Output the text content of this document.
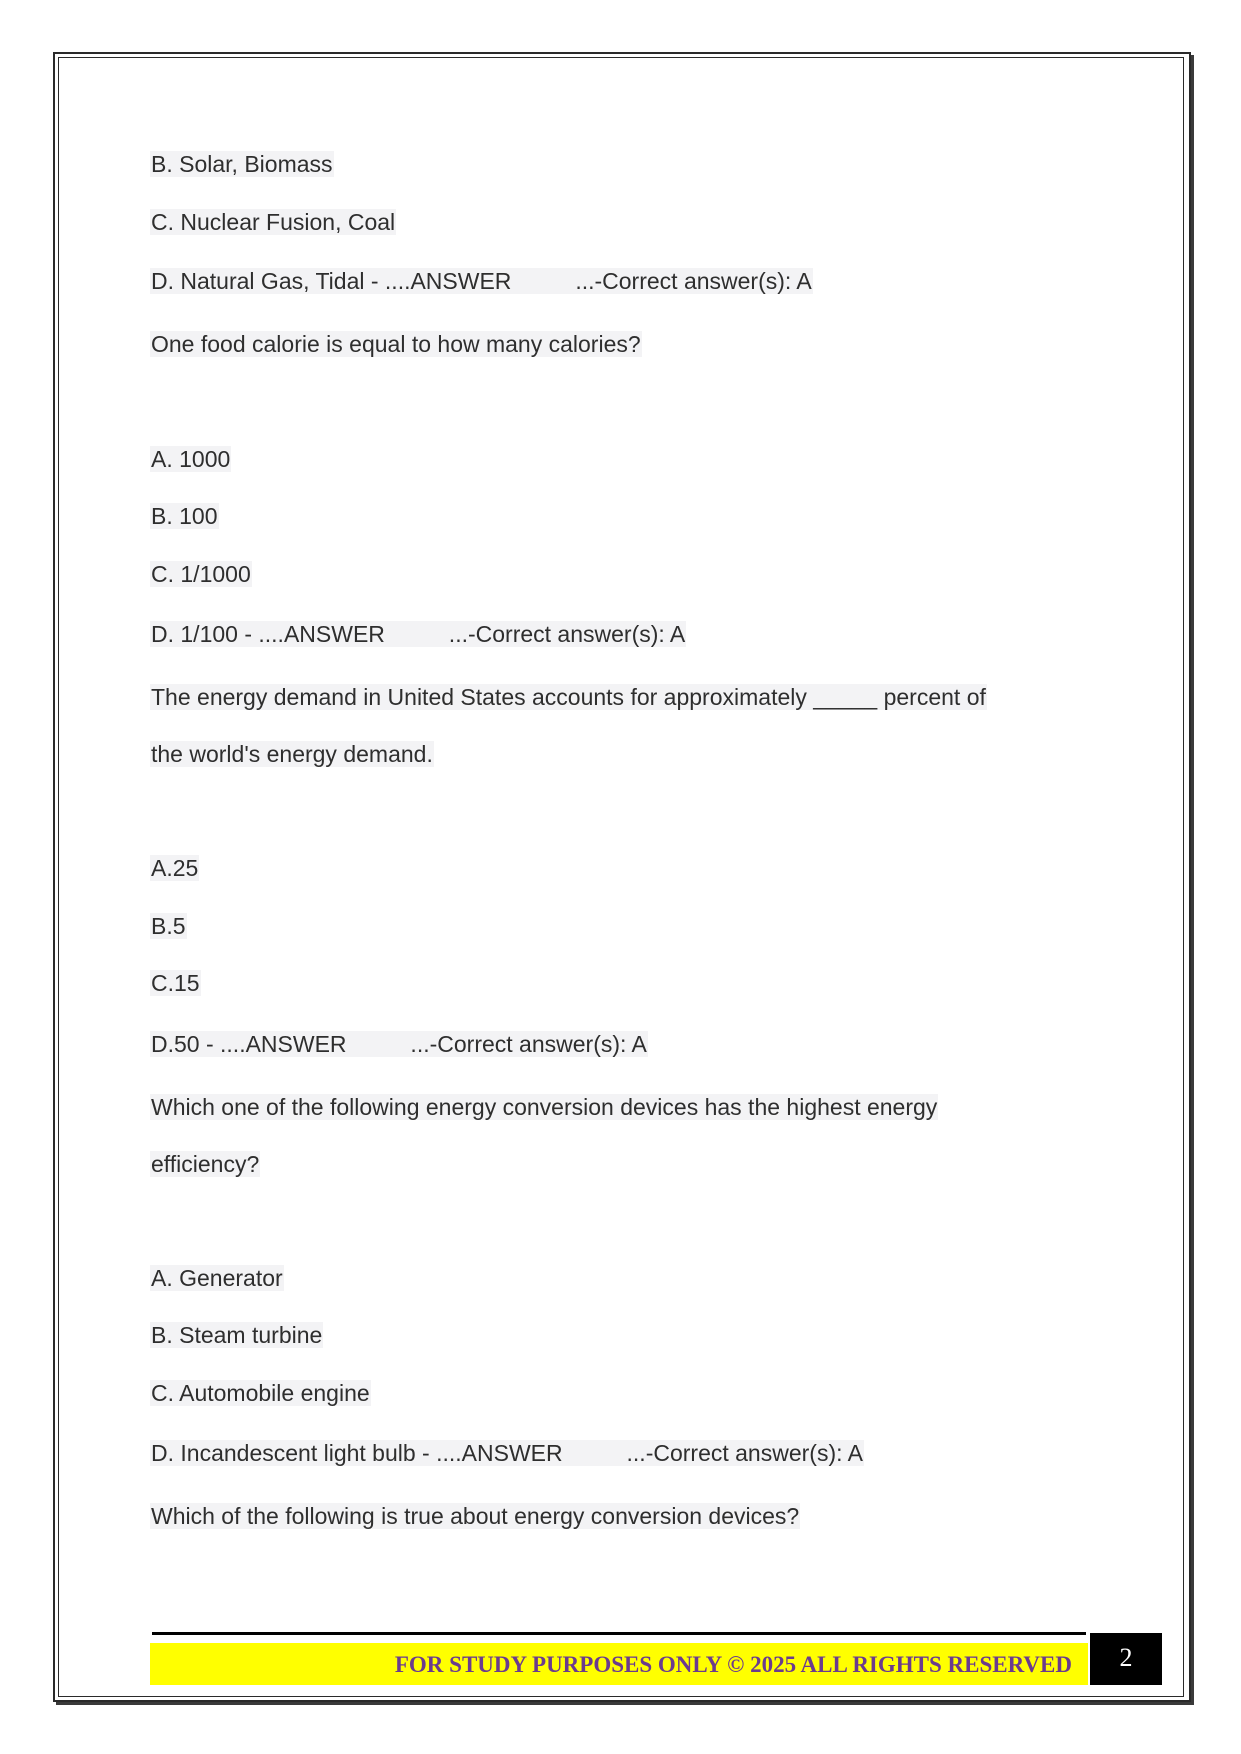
B. Solar, Biomass
C. Nuclear Fusion, Coal
D. Natural Gas, Tidal - ....ANSWER          ...-Correct answer(s): A
One food calorie is equal to how many calories?
A. 1000
B. 100
C. 1/1000
D. 1/100 - ....ANSWER          ...-Correct answer(s): A
The energy demand in United States accounts for approximately _____ percent of
the world's energy demand.
A.25
B.5
C.15
D.50 - ....ANSWER          ...-Correct answer(s): A
Which one of the following energy conversion devices has the highest energy
efficiency?
A. Generator
B. Steam turbine
C. Automobile engine
D. Incandescent light bulb - ....ANSWER          ...-Correct answer(s): A
Which of the following is true about energy conversion devices?
FOR STUDY PURPOSES ONLY © 2025 ALL RIGHTS RESERVED	2
